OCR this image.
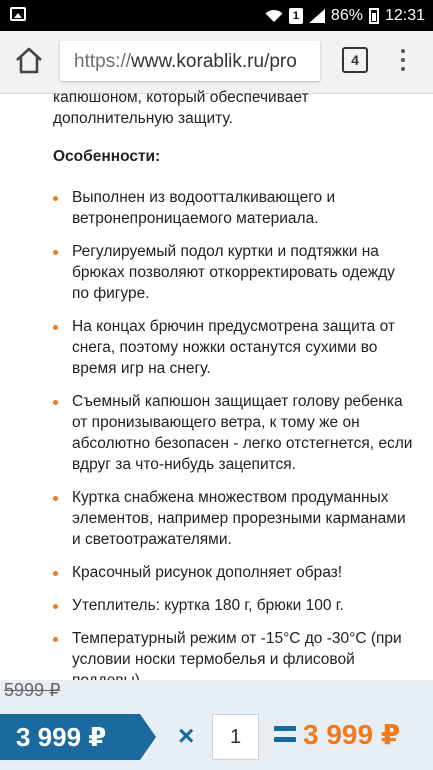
1 86% 12:31
https://www.korablik.ru/pro	4

капюшоном, который обеспечивает дополнительную защиту.

Особенности:
Выполнен из водоотталкивающего и ветронепроницаемого материала.
Регулируемый подол куртки и подтяжки на брюках позволяют откорректировать одежду по фигуре.
На концах брючин предусмотрена защита от снега, поэтому ножки останутся сухими во время игр на снегу.
Съемный капюшон защищает голову ребенка от пронизывающего ветра, к тому же он абсолютно безопасен - легко отстегнется, если вдруг за что-нибудь зацепится.
Куртка снабжена множеством продуманных элементов, например прорезными карманами и светоотражателями.
Красочный рисунок дополняет образ!
Утеплитель: куртка 180 г, брюки 100 г.
Температурный режим от -15°C до -30°C (при условии носки термобелья и флисовой
5999 ₽
3 999 ₽	×	1	3 999 ₽
